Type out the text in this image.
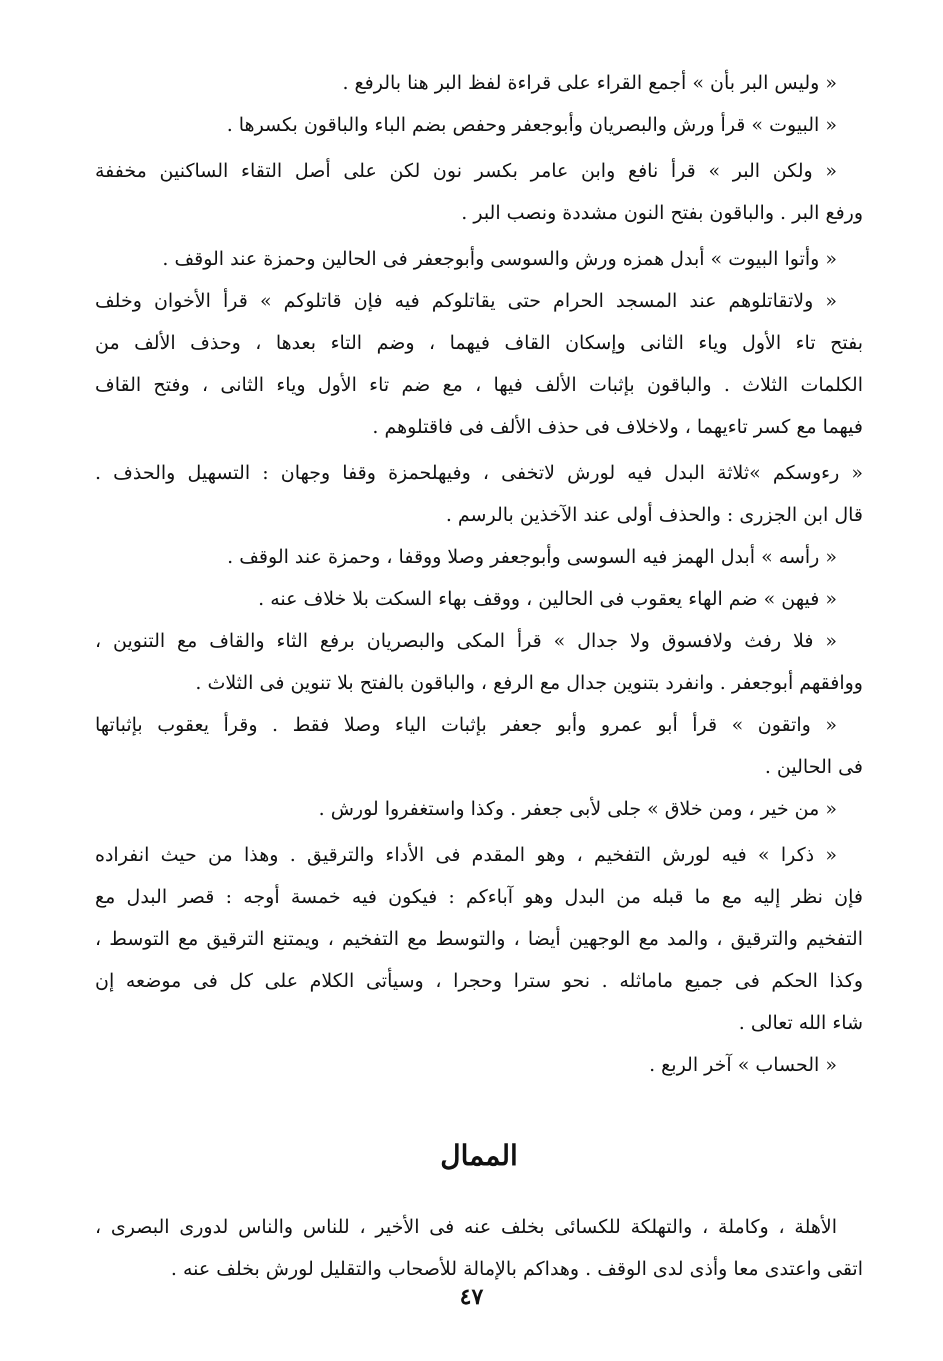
« وليس البر بأن » أجمع القراء على قراءة لفظ البر هنا بالرفع .
« البيوت » قرأ ورش والبصريان وأبوجعفر وحفص بضم الباء والباقون بكسرها .
« ولكن البر » قرأ نافع وابن عامر بكسر نون لكن على أصل التقاء الساكنين مخففة
ورفع البر . والباقون بفتح النون مشددة ونصب البر .
« وأتوا البيوت » أبدل همزه ورش والسوسى وأبوجعفر فى الحالين وحمزة عند الوقف .
« ولاتقاتلوهم عند المسجد الحرام حتى يقاتلوكم فيه فإن قاتلوكم » قرأ الأخوان وخلف
بفتح تاء الأول وياء الثانى وإسكان القاف فيهما ، وضم التاء بعدها ، وحذف الألف من
الكلمات الثلاث . والباقون بإثبات الألف فيها ، مع ضم تاء الأول وياء الثانى ، وفتح القاف
فيهما مع كسر تاءيهما ، ولاخلاف فى حذف الألف فى فاقتلوهم .
« رءوسكم »ثلاثة البدل فيه لورش لاتخفى ، وفيهلحمزة وقفا وجهان : التسهيل والحذف .
قال ابن الجزرى : والحذف أولى عند الآخذين بالرسم .
« رأسه » أبدل الهمز فيه السوسى وأبوجعفر وصلا ووقفا ، وحمزة عند الوقف .
« فيهن » ضم الهاء يعقوب فى الحالين ، ووقف بهاء السكت بلا خلاف عنه .
« فلا رفث ولافسوق ولا جدال » قرأ المكى والبصريان برفع الثاء والقاف مع التنوين ،
ووافقهم أبوجعفر . وانفرد بتنوين جدال مع الرفع ، والباقون بالفتح بلا تنوين فى الثلاث .
« واتقون » قرأ أبو عمرو وأبو جعفر بإثبات الياء وصلا فقط . وقرأ يعقوب بإثباتها
فى الحالين .
« من خير ، ومن خلاق » جلى لأبى جعفر . وكذا واستغفروا لورش .
« ذكرا » فيه لورش التفخيم ، وهو المقدم فى الأداء والترقيق . وهذا من حيث انفراده
فإن نظر إليه مع ما قبله من البدل وهو آباءكم : فيكون فيه خمسة أوجه : قصر البدل مع
التفخيم والترقيق ، والمد مع الوجهين أيضا ، والتوسط مع التفخيم ، ويمتنع الترقيق مع التوسط ،
وكذا الحكم فى جميع ماماثله . نحو سترا وحجرا ، وسيأتى الكلام على كل فى موضعه إن
شاء الله تعالى .
« الحساب » آخر الربع .
الممال
الأهلة ، وكاملة ، والتهلكة للكسائى بخلف عنه فى الأخير ، للناس والناس لدورى البصرى ،
اتقى واعتدى معا وأذى لدى الوقف . وهداكم بالإمالة للأصحاب والتقليل لورش بخلف عنه .
٤٧
